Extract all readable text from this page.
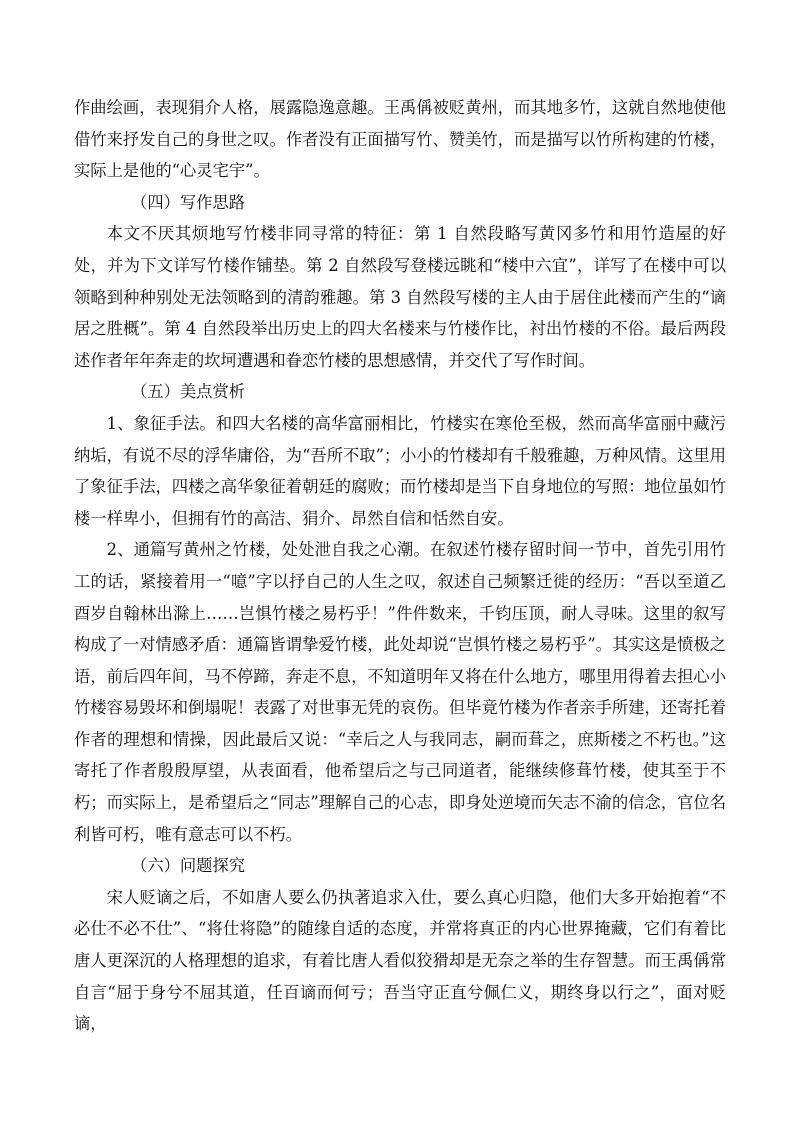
作曲绘画，表现狷介人格，展露隐逸意趣。王禹偁被贬黄州，而其地多竹，这就自然地使他借竹来抒发自己的身世之叹。作者没有正面描写竹、赞美竹，而是描写以竹所构建的竹楼，实际上是他的“心灵宅宇”。

（四）写作思路

本文不厌其烦地写竹楼非同寻常的特征：第 1 自然段略写黄冈多竹和用竹造屋的好处，并为下文详写竹楼作铺垫。第 2 自然段写登楼远眺和“楼中六宜”，详写了在楼中可以领略到种种别处无法领略到的清韵雅趣。第 3 自然段写楼的主人由于居住此楼而产生的“谪居之胜概”。第 4 自然段举出历史上的四大名楼来与竹楼作比，衬出竹楼的不俗。最后两段述作者年年奔走的坎坷遭遇和眷恋竹楼的思想感情，并交代了写作时间。

（五）美点赏析

1、象征手法。和四大名楼的高华富丽相比，竹楼实在寒伧至极，然而高华富丽中藏污纳垢，有说不尽的浮华庸俗，为“吾所不取”；小小的竹楼却有千般雅趣，万种风情。这里用了象征手法，四楼之高华象征着朝廷的腐败；而竹楼却是当下自身地位的写照：地位虽如竹楼一样卑小，但拥有竹的高洁、狷介、昂然自信和恬然自安。

2、通篇写黄州之竹楼，处处泄自我之心潮。在叙述竹楼存留时间一节中，首先引用竹工的话，紧接着用一“噫”字以抒自己的人生之叹，叙述自己频繁迁徙的经历：“吾以至道乙酉岁自翰林出滁上……岂惧竹楼之易朽乎！”件件数来，千钧压顶，耐人寻味。这里的叙写构成了一对情感矛盾：通篇皆谓挚爱竹楼，此处却说“岂惧竹楼之易朽乎”。其实这是愤极之语，前后四年间，马不停蹄，奔走不息，不知道明年又将在什么地方，哪里用得着去担心小竹楼容易毁坏和倒塌呢！表露了对世事无凭的哀伤。但毕竟竹楼为作者亲手所建，还寄托着作者的理想和情操，因此最后又说：“幸后之人与我同志，嗣而葺之，庶斯楼之不朽也。”这寄托了作者殷殷厚望，从表面看，他希望后之与己同道者，能继续修葺竹楼，使其至于不朽；而实际上，是希望后之“同志”理解自己的心志，即身处逆境而矢志不渝的信念，官位名利皆可朽，唯有意志可以不朽。

（六）问题探究

宋人贬谪之后，不如唐人要么仍执著追求入仕，要么真心归隐，他们大多开始抱着“不必仕不必不仕”、“将仕将隐”的随缘自适的态度，并常将真正的内心世界掩藏，它们有着比唐人更深沉的人格理想的追求，有着比唐人看似狡猾却是无奈之举的生存智慧。而王禹偁常自言“屈于身兮不屈其道，任百谪而何亏；吾当守正直兮佩仁义，期终身以行之”，面对贬谪，
